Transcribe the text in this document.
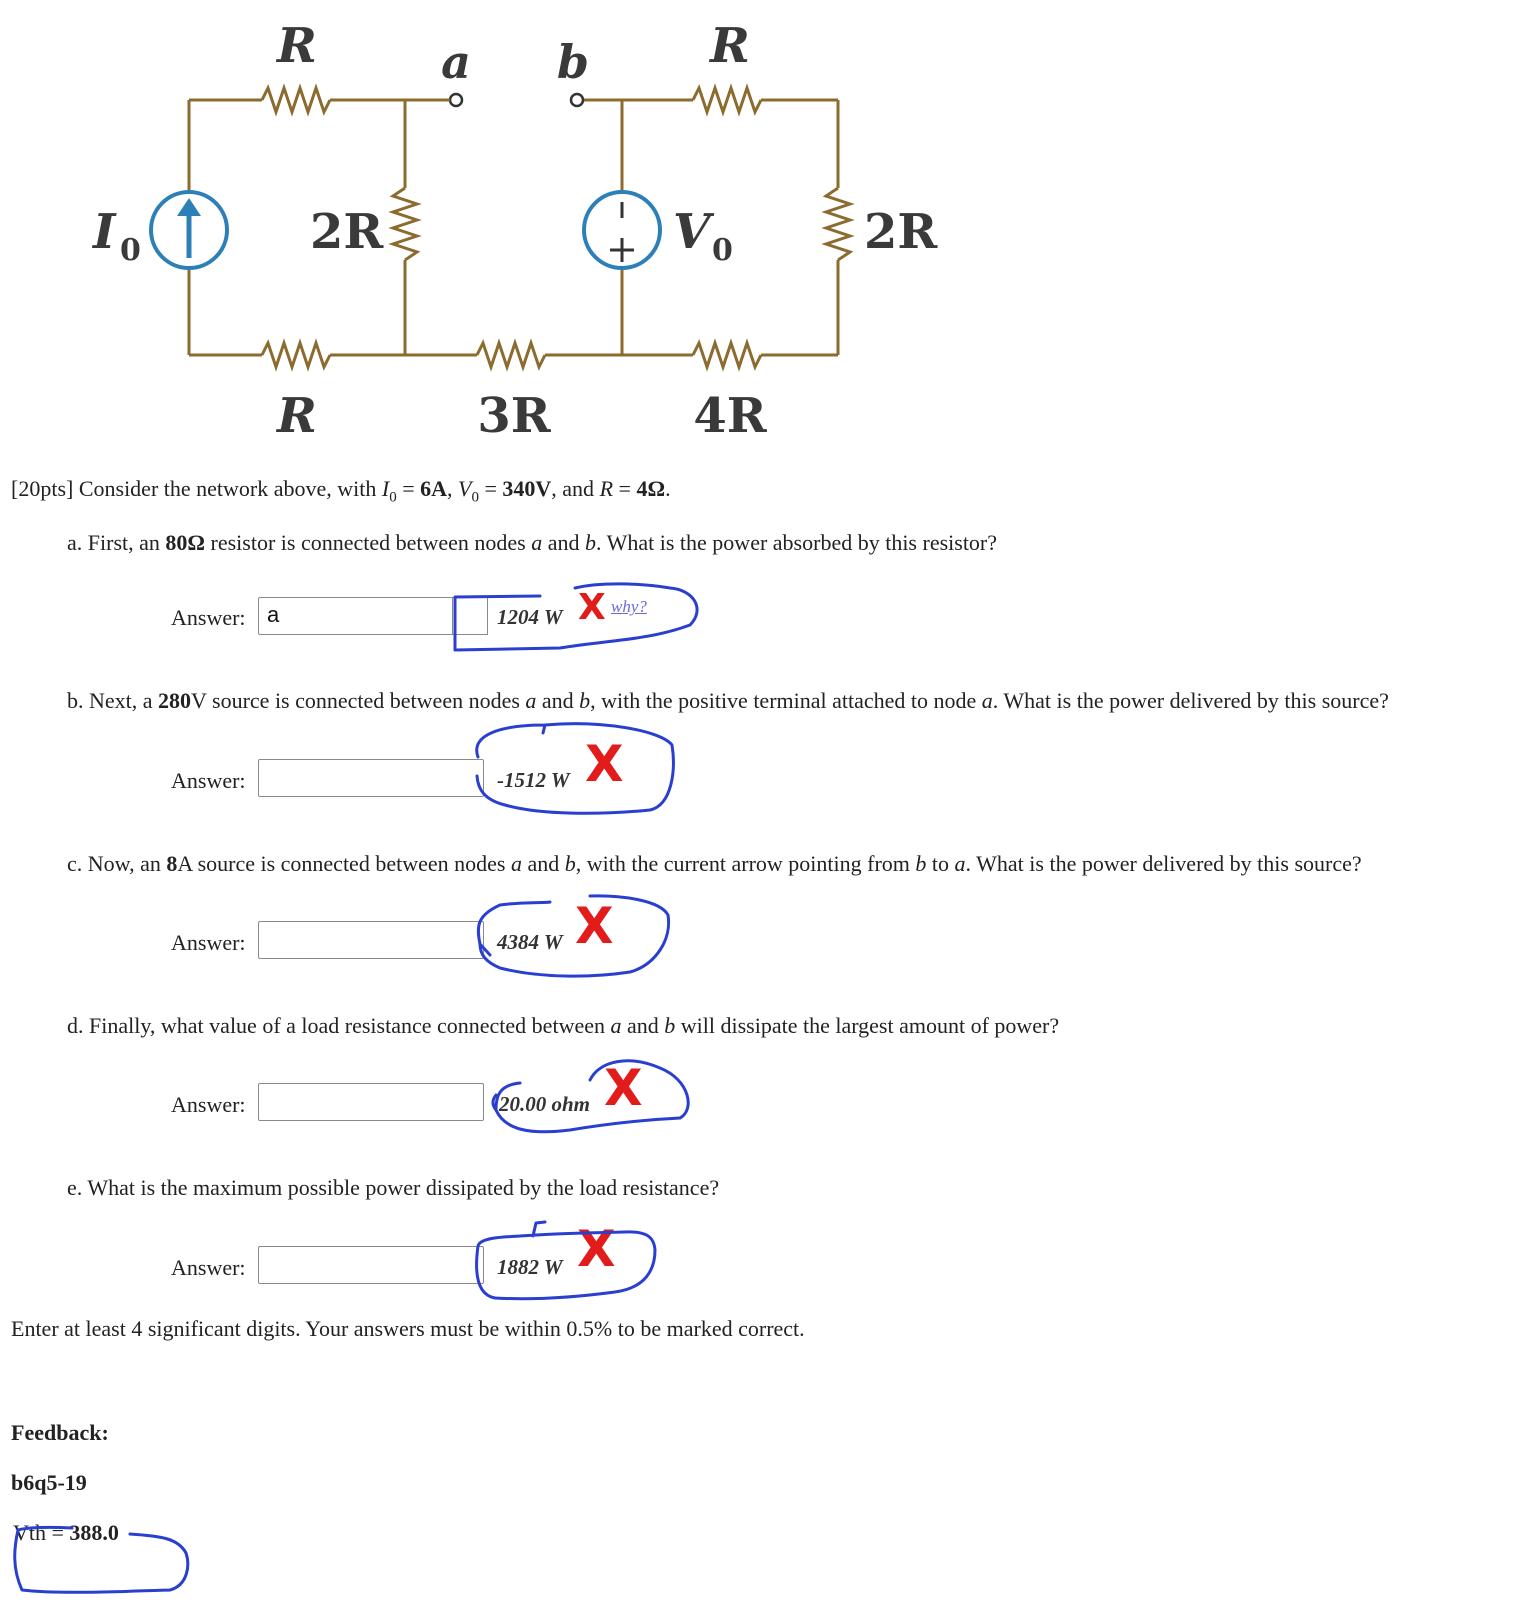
R	a b	R
I 0	2R	V 0	2R
R	3R	4R
[20pts] Consider the network above, with $I_0 = 6A$, $V_0 = 340V$, and R = 4Ω.
a. First, an 80Ω resistor is connected between nodes a and b. What is the power absorbed by this resistor?
Answer: a	1204 W X why?
b. Next, a 280V source is connected between nodes a and b, with the positive terminal attached to node a. What is the power delivered by this source?
Answer:	-1512 W X
c. Now, an 8A source is connected between nodes a and b, with the current arrow pointing from b to a. What is the power delivered by this source?
Answer:	4384 W X
d. Finally, what value of a load resistance connected between a and b will dissipate the largest amount of power?
Answer:	20.00 ohm X
e. What is the maximum possible power dissipated by the load resistance?
Answer:	1882 W X
Enter at least 4 significant digits. Your answers must be within 0.5% to be marked correct.
Feedback:
b6q5-19
Vth = 388.0
